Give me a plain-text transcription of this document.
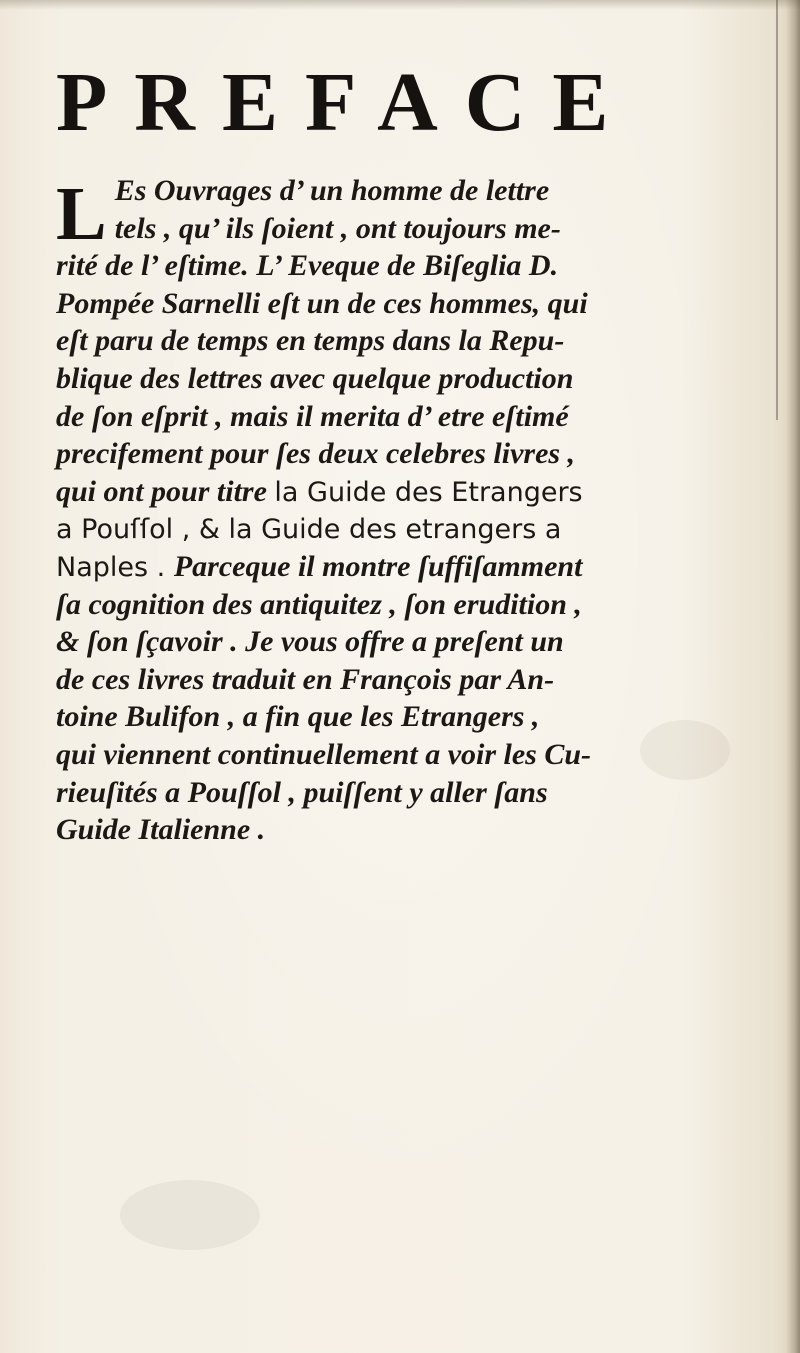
PREFACE
L Es Ouvrages d’ un homme de lettre
tels , qu’ ils ſoient , ont toujours me-
rité de l’ eſtime. L’ Eveque de Biſeglia D.
Pompée Sarnelli eſt un de ces hommes, qui
eſt paru de temps en temps dans la Repu-
blique des lettres avec quelque production
de ſon eſprit , mais il merita d’ etre eſtimé
precifement pour ſes deux celebres livres ,
qui ont pour titre la Guide des Etrangers
a Pouſſol , & la Guide des etrangers a
Naples . Parceque il montre ſuffiſamment
ſa cognition des antiquitez , ſon erudition ,
& ſon ſçavoir . Je vous offre a preſent un
de ces livres traduit en François par An-
toine Bulifon , a fin que les Etrangers ,
qui viennent continuellement a voir les Cu-
rieuſités a Pouſſol , puiſſent y aller ſans
Guide Italienne .
